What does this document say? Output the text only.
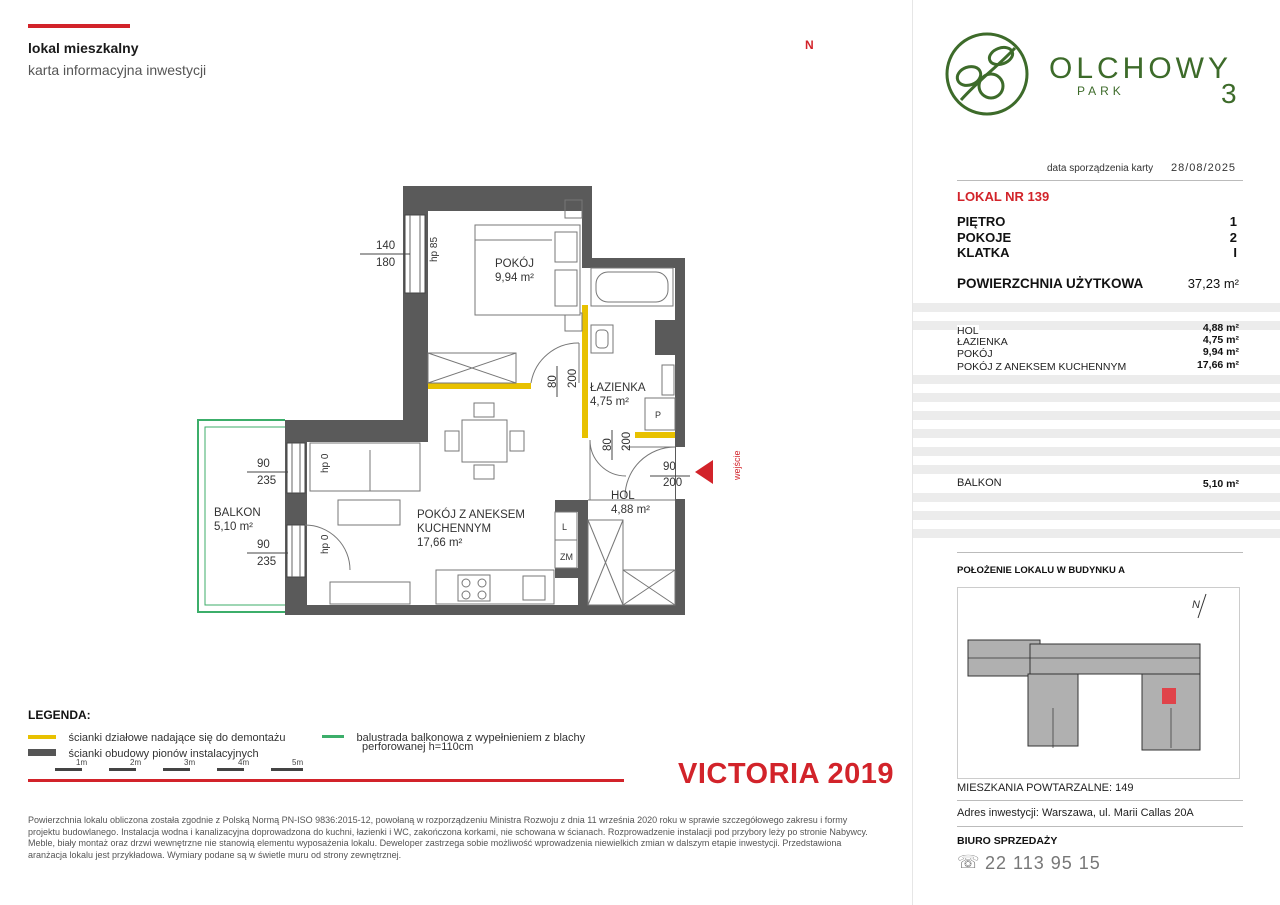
lokal mieszkalny
karta informacyjna inwestycji
140
180
hp 85
POKÓJ
9,94 m²
80 200 ŁAZIENKA
4,75 m²
80 200
90
200
wejście
HOL
4,88 m²
POKÓJ Z ANEKSEM
KUCHENNYM
17,66 m²
BALKON
5,10 m²
90
235
hp 0
90
235
hp 0
L
ZM
P
N
LEGENDA:
ścianki działowe nadające się do demontażu
ścianki obudowy pionów instalacyjnych
balustrada balkonowa z wypełnieniem z blachy
perforowanej h=110cm
1m	2m	3m	4m	5m	VICTORIA 2019
Powierzchnia lokalu obliczona została zgodnie z Polską Normą PN-ISO 9836:2015-12, powołaną w rozporządzeniu Ministra Rozwoju z dnia 11 września 2020 roku w sprawie szczegółowego zakresu i formy
projektu budowlanego. Instalacja wodna i kanalizacyjna doprowadzona do kuchni, łazienki i WC, zakończona korkami, nie schowana w ścianach. Rozprowadzenie instalacji pod przybory leży po stronie Nabywcy.
Meble, biały montaż oraz drzwi wewnętrzne nie stanowią elementu wyposażenia lokalu. Deweloper zastrzega sobie możliwość wprowadzenia niewielkich zmian w dalszym etapie inwestycji. Przedstawiona
aranżacja lokalu jest przykładowa. Wymiary podane są w świetle muru od strony zewnętrznej.
OLCHOWY
PARK	3
data sporządzenia karty 28/08/2025
LOKAL NR 139
PIĘTRO	1
POKOJE	2
KLATKA	I
POWIERZCHNIA UŻYTKOWA	37,23 m²
HOL	4,88 m²
ŁAZIENKA	4,75 m²
POKÓJ	9,94 m²
POKÓJ Z ANEKSEM KUCHENNYM	17,66 m²
BALKON	5,10 m²
POŁOŻENIE LOKALU W BUDYNKU A
N
MIESZKANIA POWTARZALNE: 149
Adres inwestycji: Warszawa, ul. Marii Callas 20A
BIURO SPRZEDAŻY
☏ 22 113 95 15
